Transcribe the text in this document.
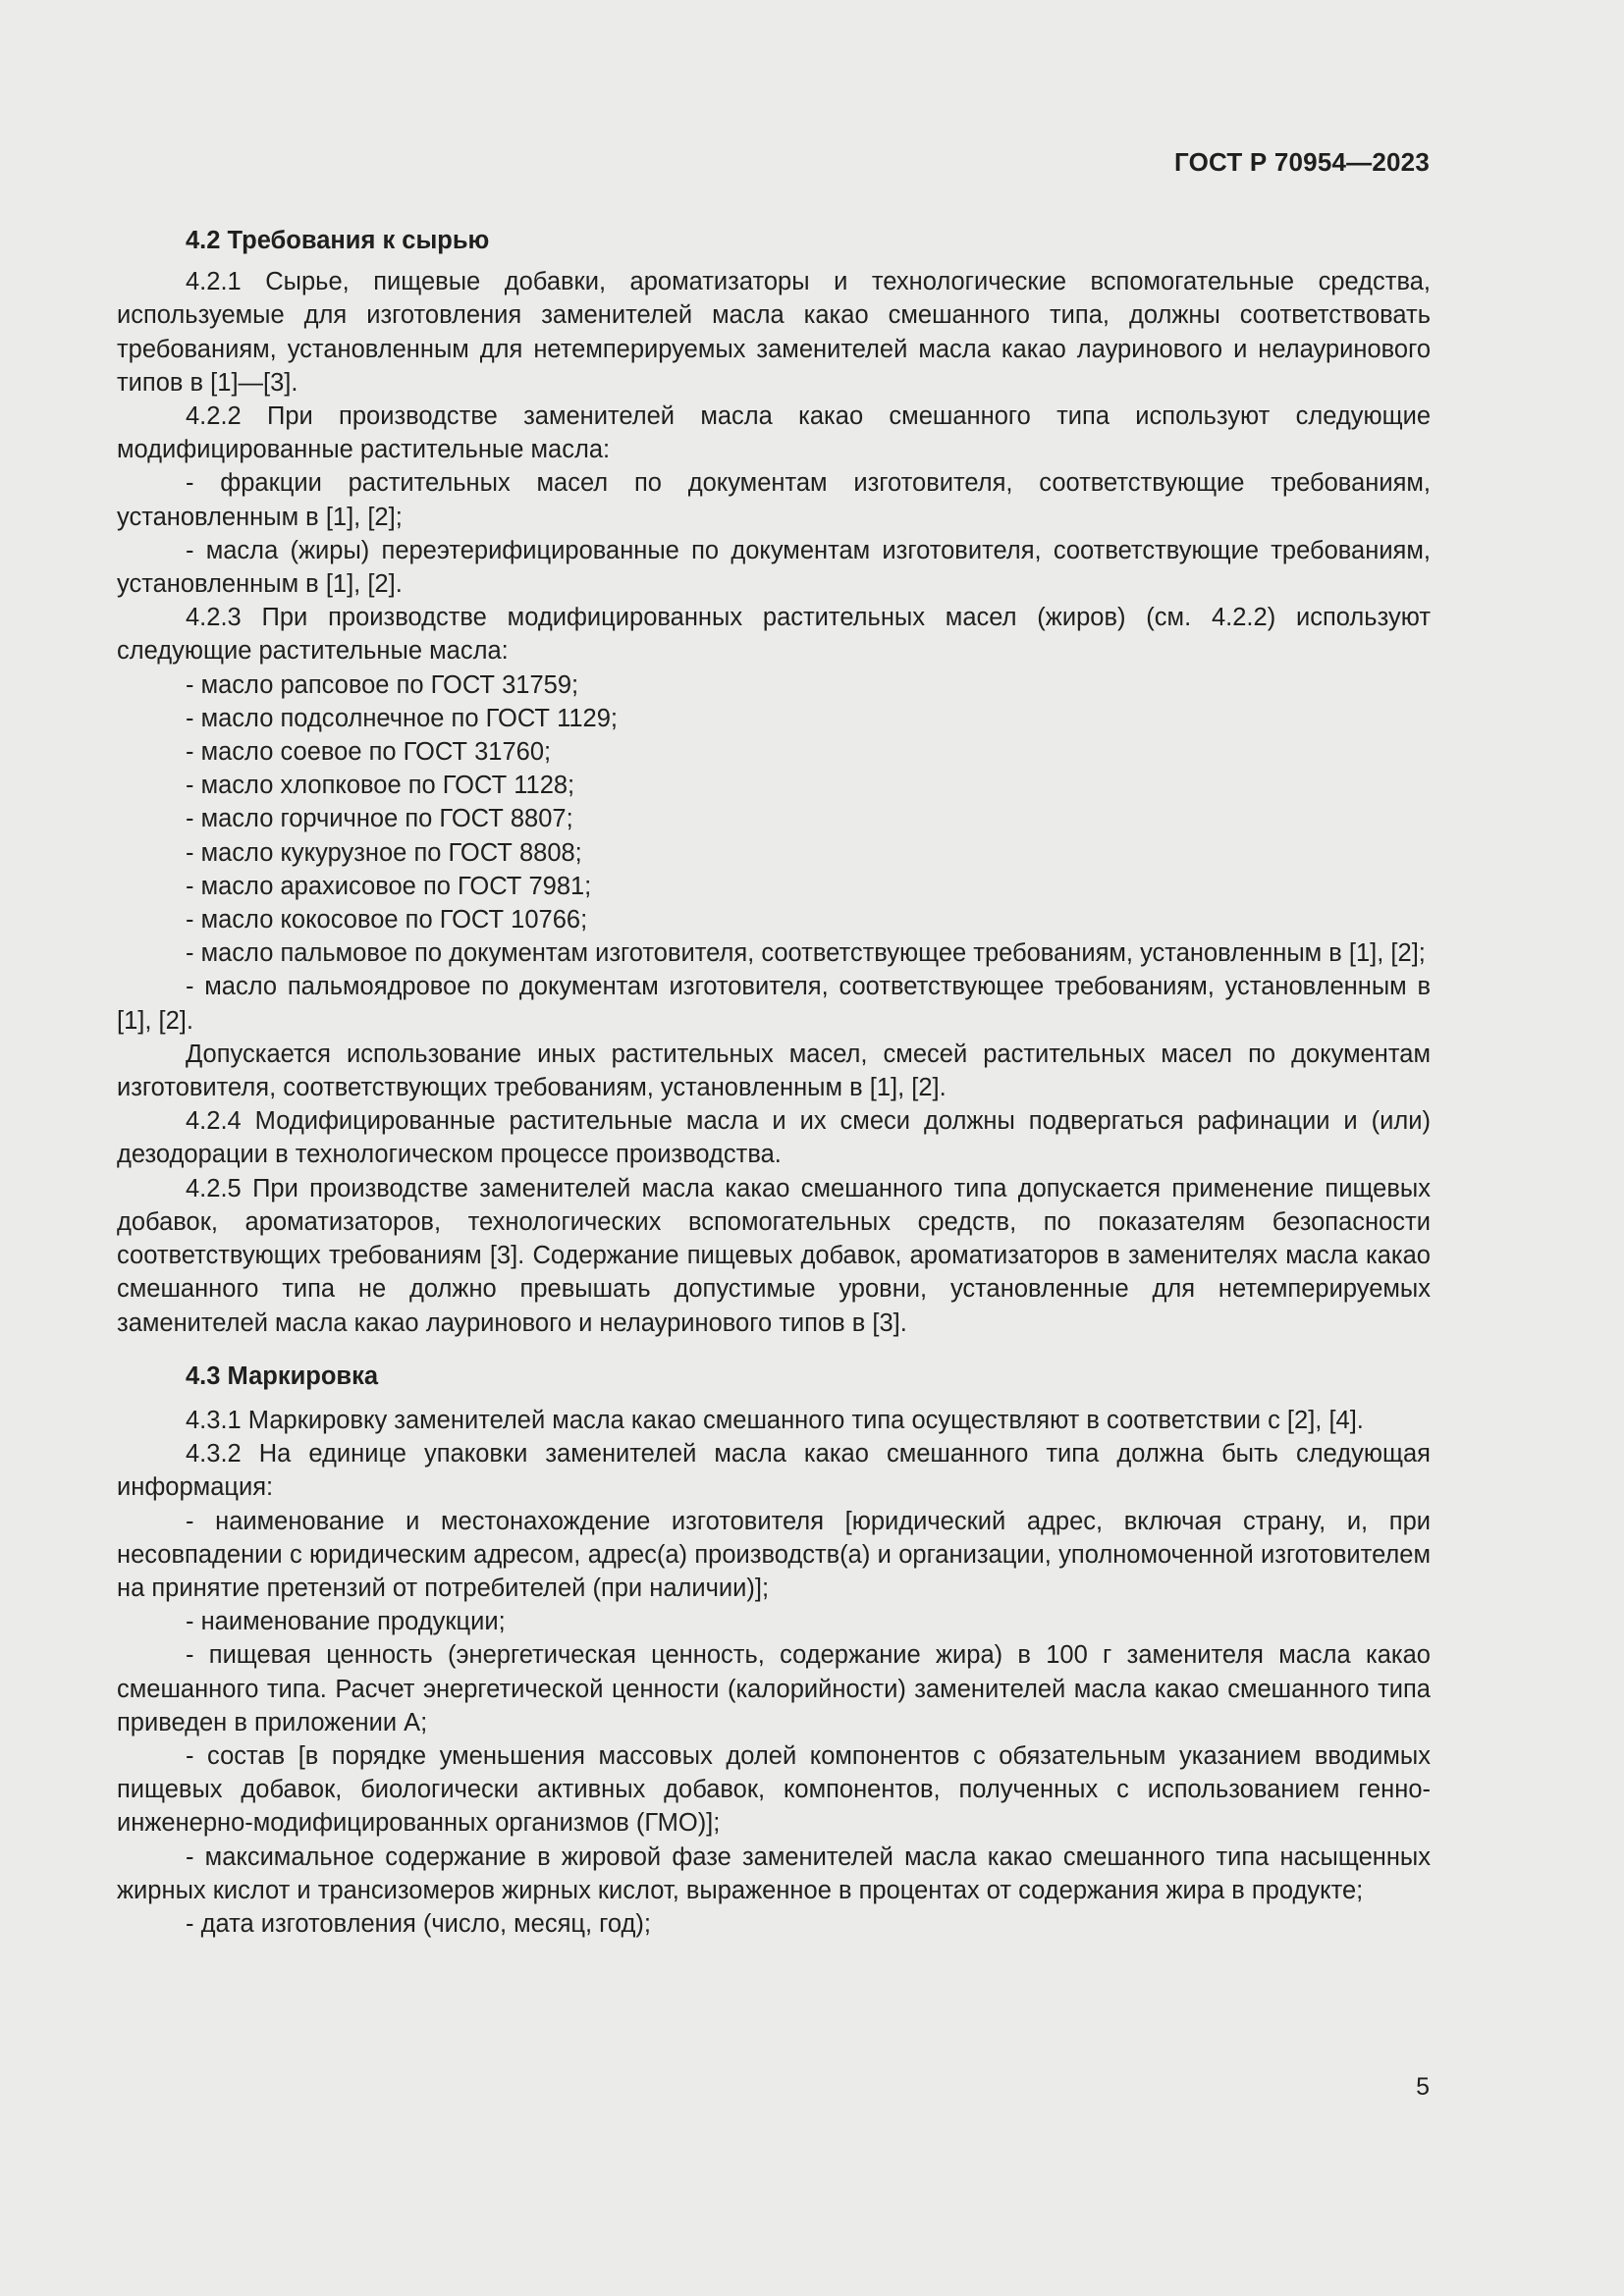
ГОСТ Р 70954—2023
4.2 Требования к сырью

4.2.1 Сырье, пищевые добавки, ароматизаторы и технологические вспомогательные средства, используемые для изготовления заменителей масла какао смешанного типа, должны соответствовать требованиям, установленным для нетемперируемых заменителей масла какао лауринового и нелауринового типов в [1]—[3].

4.2.2 При производстве заменителей масла какао смешанного типа используют следующие модифицированные растительные масла:

- фракции растительных масел по документам изготовителя, соответствующие требованиям, установленным в [1], [2];

- масла (жиры) переэтерифицированные по документам изготовителя, соответствующие требованиям, установленным в [1], [2].

4.2.3 При производстве модифицированных растительных масел (жиров) (см. 4.2.2) используют следующие растительные масла:

- масло рапсовое по ГОСТ 31759;

- масло подсолнечное по ГОСТ 1129;

- масло соевое по ГОСТ 31760;

- масло хлопковое по ГОСТ 1128;

- масло горчичное по ГОСТ 8807;

- масло кукурузное по ГОСТ 8808;

- масло арахисовое по ГОСТ 7981;

- масло кокосовое по ГОСТ 10766;

- масло пальмовое по документам изготовителя, соответствующее требованиям, установленным в [1], [2];

- масло пальмоядровое по документам изготовителя, соответствующее требованиям, установленным в [1], [2].

Допускается использование иных растительных масел, смесей растительных масел по документам изготовителя, соответствующих требованиям, установленным в [1], [2].

4.2.4 Модифицированные растительные масла и их смеси должны подвергаться рафинации и (или) дезодорации в технологическом процессе производства.

4.2.5 При производстве заменителей масла какао смешанного типа допускается применение пищевых добавок, ароматизаторов, технологических вспомогательных средств, по показателям безопасности соответствующих требованиям [3]. Содержание пищевых добавок, ароматизаторов в заменителях масла какао смешанного типа не должно превышать допустимые уровни, установленные для нетемперируемых заменителей масла какао лауринового и нелауринового типов в [3].

4.3 Маркировка

4.3.1 Маркировку заменителей масла какао смешанного типа осуществляют в соответствии с [2], [4].

4.3.2 На единице упаковки заменителей масла какао смешанного типа должна быть следующая информация:

- наименование и местонахождение изготовителя [юридический адрес, включая страну, и, при несовпадении с юридическим адресом, адрес(а) производств(а) и организации, уполномоченной изготовителем на принятие претензий от потребителей (при наличии)];

- наименование продукции;

- пищевая ценность (энергетическая ценность, содержание жира) в 100 г заменителя масла какао смешанного типа. Расчет энергетической ценности (калорийности) заменителей масла какао смешанного типа приведен в приложении А;

- состав [в порядке уменьшения массовых долей компонентов с обязательным указанием вводимых пищевых добавок, биологически активных добавок, компонентов, полученных с использованием генно-инженерно-модифицированных организмов (ГМО)];

- максимальное содержание в жировой фазе заменителей масла какао смешанного типа насыщенных жирных кислот и трансизомеров жирных кислот, выраженное в процентах от содержания жира в продукте;

- дата изготовления (число, месяц, год);

5
